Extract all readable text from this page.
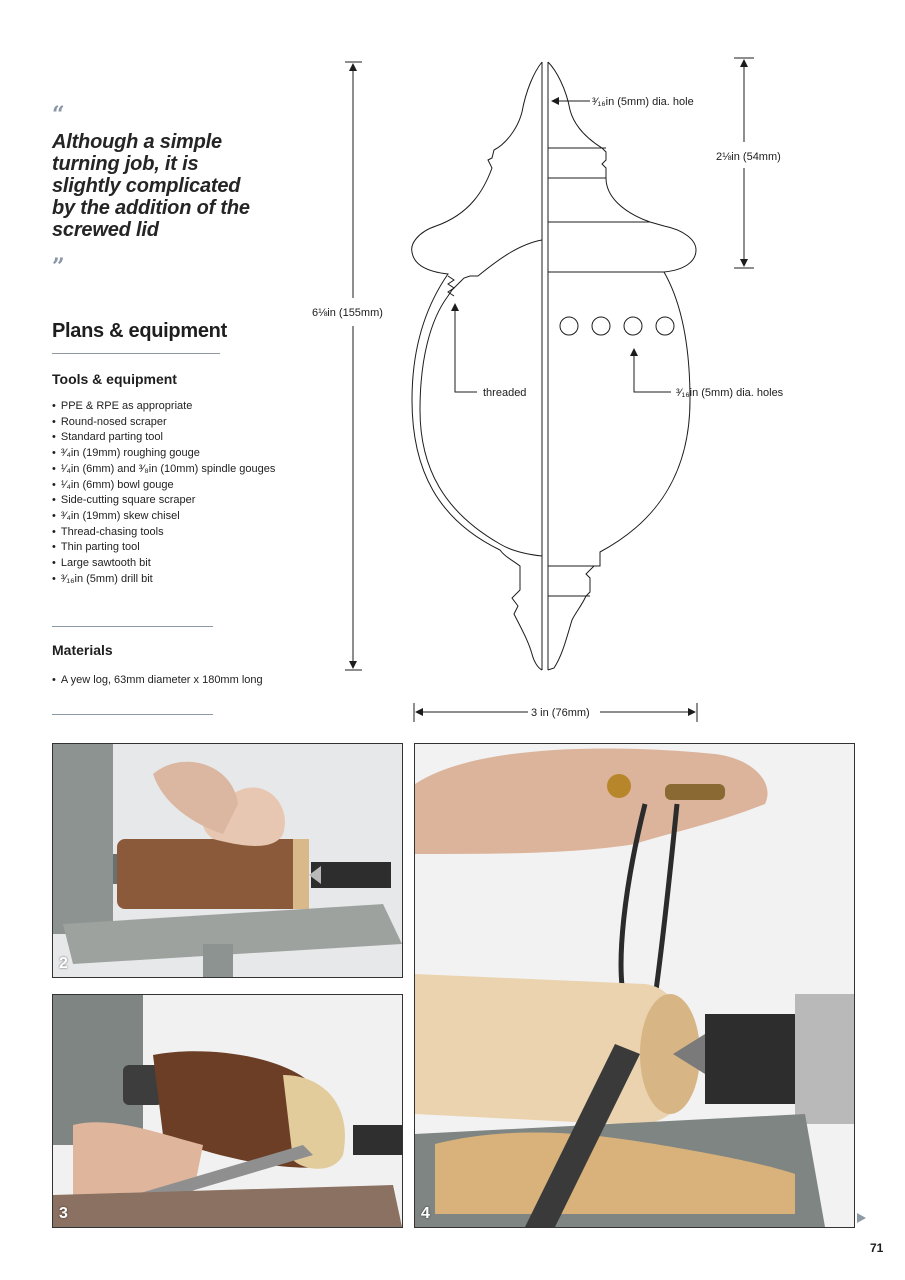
“
Although a simple turning job, it is slightly complicated by the addition of the screwed lid
”
Plans & equipment
Tools & equipment
• PPE & RPE as appropriate
• Round-nosed scraper
• Standard parting tool
• ³⁄₄in (19mm) roughing gouge
• ¹⁄₄in (6mm) and ³⁄₈in (10mm) spindle gouges
• ¹⁄₄in (6mm) bowl gouge
• Side-cutting square scraper
• ³⁄₄in (19mm) skew chisel
• Thread-chasing tools
• Thin parting tool
• Large sawtooth bit
• ³⁄₁₆in (5mm) drill bit
Materials
• A yew log, 63mm diameter x 180mm long
6⅛in (155mm)
2⅛in (54mm)
³⁄₁₆in (5mm) dia. hole
threaded	³⁄₁₆in (5mm) dia. holes
3 in (76mm)
2
3	4
71
